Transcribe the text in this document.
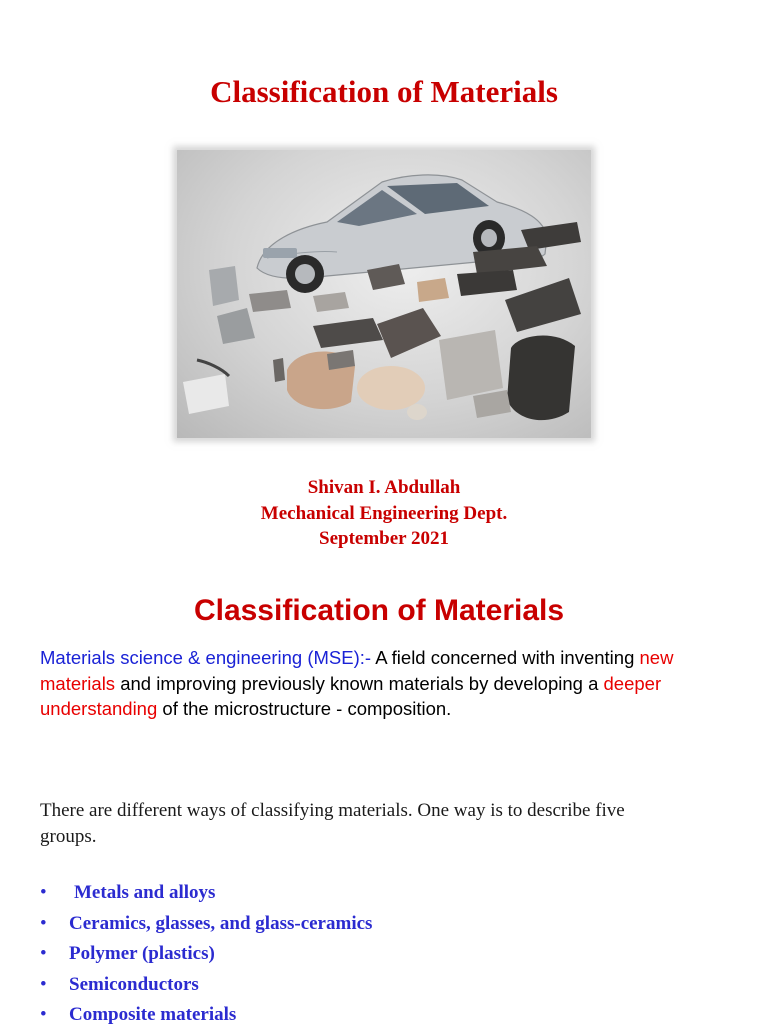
Classification of Materials
Shivan I. Abdullah
Mechanical Engineering Dept.
September 2021
Classification of Materials

Materials science & engineering (MSE):- A field concerned with inventing new materials and improving previously known materials by developing a deeper understanding of the microstructure - composition.

There are different ways of classifying materials. One way is to describe five groups.

• Metals and alloys
• Ceramics, glasses, and glass-ceramics
• Polymer (plastics)
• Semiconductors
• Composite materials
